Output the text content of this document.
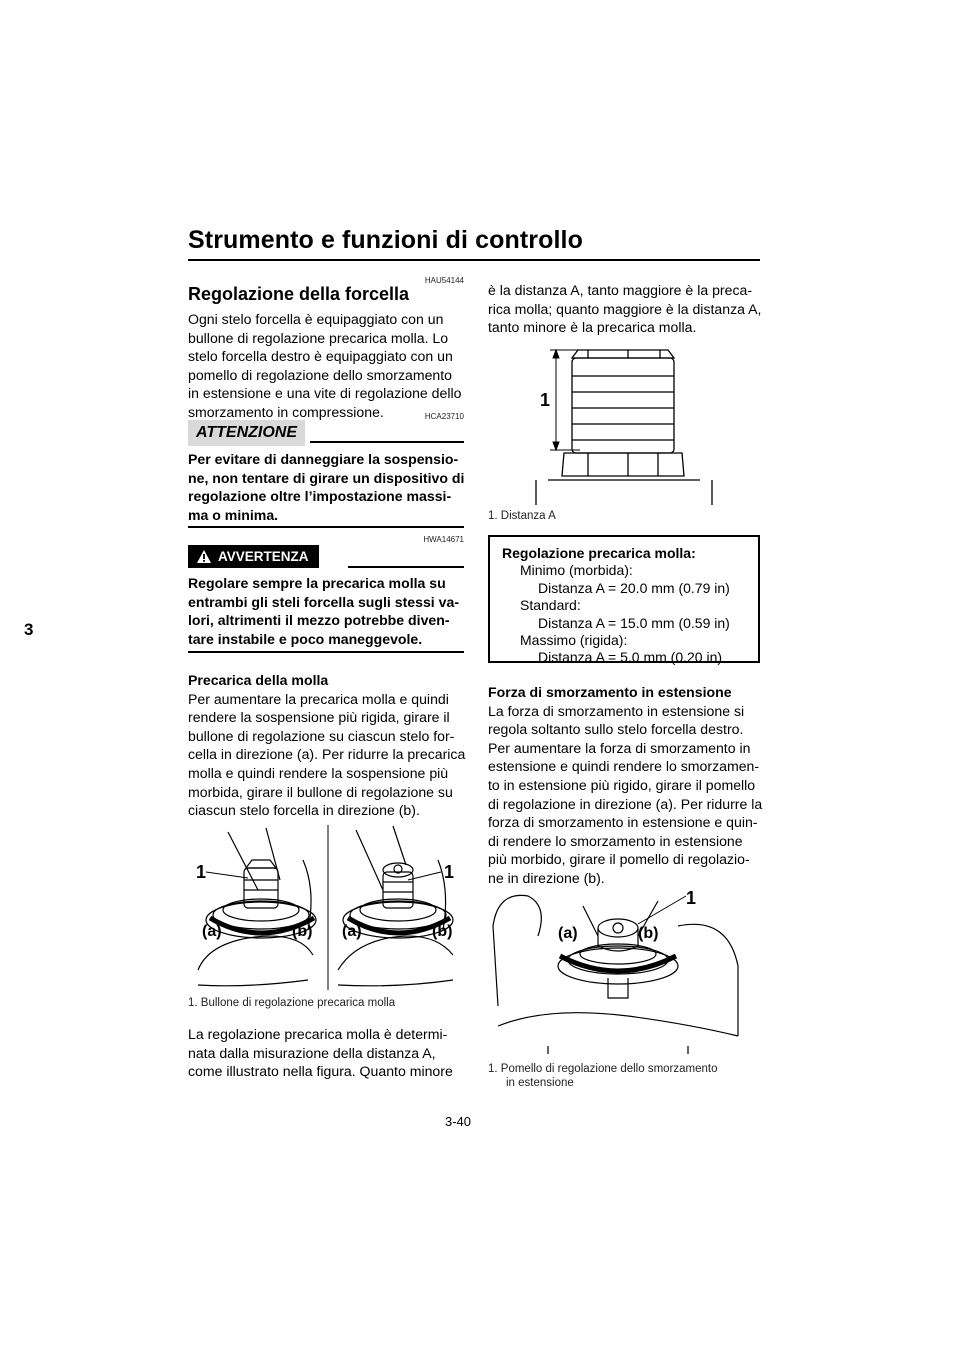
Strumento e funzioni di controllo
3
HAU54144
Regolazione della forcella
Ogni stelo forcella è equipaggiato con un
bullone di regolazione precarica molla. Lo
stelo forcella destro è equipaggiato con un
pomello di regolazione dello smorzamento
in estensione e una vite di regolazione dello
smorzamento in compressione.	HCA23710
ATTENZIONE
Per evitare di danneggiare la sospensio-
ne, non tentare di girare un dispositivo di
regolazione oltre l’impostazione massi-
ma o minima.
HWA14671
AVVERTENZA
Regolare sempre la precarica molla su
entrambi gli steli forcella sugli stessi va-
lori, altrimenti il mezzo potrebbe diven-
tare instabile e poco maneggevole.
Precarica della molla
Per aumentare la precarica molla e quindi
rendere la sospensione più rigida, girare il
bullone di regolazione su ciascun stelo for-
cella in direzione (a). Per ridurre la precarica
molla e quindi rendere la sospensione più
morbida, girare il bullone di regolazione su
ciascun stelo forcella in direzione (b).
1	1
(a)	(b) (a)	(b)
1. Bullone di regolazione precarica molla
La regolazione precarica molla è determi-
nata dalla misurazione della distanza A,
come illustrato nella figura. Quanto minore
è la distanza A, tanto maggiore è la preca-
rica molla; quanto maggiore è la distanza A,
tanto minore è la precarica molla.
1
1. Distanza A
Regolazione precarica molla:
Minimo (morbida):
Distanza A = 20.0 mm (0.79 in)
Standard:
Distanza A = 15.0 mm (0.59 in)
Massimo (rigida):
Distanza A = 5.0 mm (0.20 in)
Forza di smorzamento in estensione
La forza di smorzamento in estensione si
regola soltanto sullo stelo forcella destro.
Per aumentare la forza di smorzamento in
estensione e quindi rendere lo smorzamen-
to in estensione più rigido, girare il pomello
di regolazione in direzione (a). Per ridurre la
forza di smorzamento in estensione e quin-
di rendere lo smorzamento in estensione
più morbido, girare il pomello di regolazio-
ne in direzione (b).
1
(a)	(b)
1. Pomello di regolazione dello smorzamento
in estensione
3-40
